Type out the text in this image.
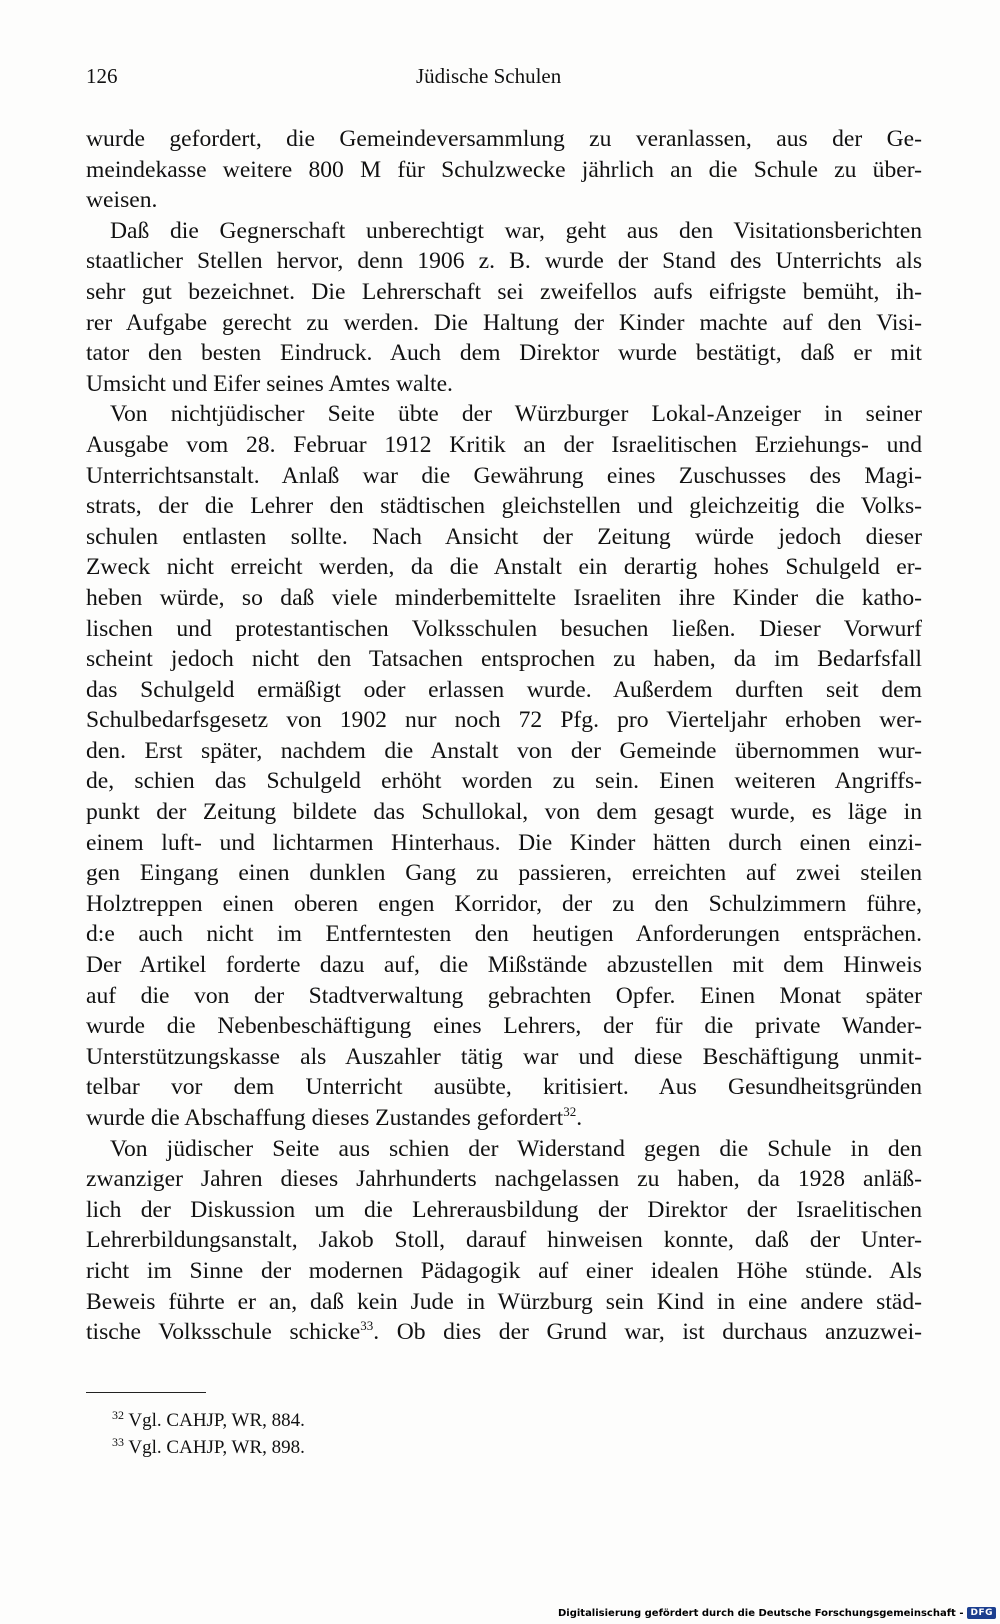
126	Jüdische Schulen
wurde gefordert, die Gemeindeversammlung zu veranlassen, aus der Ge-
meindekasse weitere 800 M für Schulzwecke jährlich an die Schule zu über-
weisen.
Daß die Gegnerschaft unberechtigt war, geht aus den Visitationsberichten
staatlicher Stellen hervor, denn 1906 z. B. wurde der Stand des Unterrichts als
sehr gut bezeichnet. Die Lehrerschaft sei zweifellos aufs eifrigste bemüht, ih-
rer Aufgabe gerecht zu werden. Die Haltung der Kinder machte auf den Visi-
tator den besten Eindruck. Auch dem Direktor wurde bestätigt, daß er mit
Umsicht und Eifer seines Amtes walte.
Von nichtjüdischer Seite übte der Würzburger Lokal-Anzeiger in seiner
Ausgabe vom 28. Februar 1912 Kritik an der Israelitischen Erziehungs- und
Unterrichtsanstalt. Anlaß war die Gewährung eines Zuschusses des Magi-
strats, der die Lehrer den städtischen gleichstellen und gleichzeitig die Volks-
schulen entlasten sollte. Nach Ansicht der Zeitung würde jedoch dieser
Zweck nicht erreicht werden, da die Anstalt ein derartig hohes Schulgeld er-
heben würde, so daß viele minderbemittelte Israeliten ihre Kinder die katho-
lischen und protestantischen Volksschulen besuchen ließen. Dieser Vorwurf
scheint jedoch nicht den Tatsachen entsprochen zu haben, da im Bedarfsfall
das Schulgeld ermäßigt oder erlassen wurde. Außerdem durften seit dem
Schulbedarfsgesetz von 1902 nur noch 72 Pfg. pro Vierteljahr erhoben wer-
den. Erst später, nachdem die Anstalt von der Gemeinde übernommen wur-
de, schien das Schulgeld erhöht worden zu sein. Einen weiteren Angriffs-
punkt der Zeitung bildete das Schullokal, von dem gesagt wurde, es läge in
einem luft- und lichtarmen Hinterhaus. Die Kinder hätten durch einen einzi-
gen Eingang einen dunklen Gang zu passieren, erreichten auf zwei steilen
Holztreppen einen oberen engen Korridor, der zu den Schulzimmern führe,
d:e auch nicht im Entferntesten den heutigen Anforderungen entsprächen.
Der Artikel forderte dazu auf, die Mißstände abzustellen mit dem Hinweis
auf die von der Stadtverwaltung gebrachten Opfer. Einen Monat später
wurde die Nebenbeschäftigung eines Lehrers, der für die private Wander-
Unterstützungskasse als Auszahler tätig war und diese Beschäftigung unmit-
telbar vor dem Unterricht ausübte, kritisiert. Aus Gesundheitsgründen
wurde die Abschaffung dieses Zustandes gefordert$^{32}$.
Von jüdischer Seite aus schien der Widerstand gegen die Schule in den
zwanziger Jahren dieses Jahrhunderts nachgelassen zu haben, da 1928 anläß-
lich der Diskussion um die Lehrerausbildung der Direktor der Israelitischen
Lehrerbildungsanstalt, Jakob Stoll, darauf hinweisen konnte, daß der Unter-
richt im Sinne der modernen Pädagogik auf einer idealen Höhe stünde. Als
Beweis führte er an, daß kein Jude in Würzburg sein Kind in eine andere städ-
tische Volksschule schicke$^{33}$. Ob dies der Grund war, ist durchaus anzuzwei-
$^{32}$ Vgl. CAHJP, WR, 884.
$^{33}$ Vgl. CAHJP, WR, 898.
Digitalisierung gefördert durch die Deutsche Forschungsgemeinschaft - DFG
